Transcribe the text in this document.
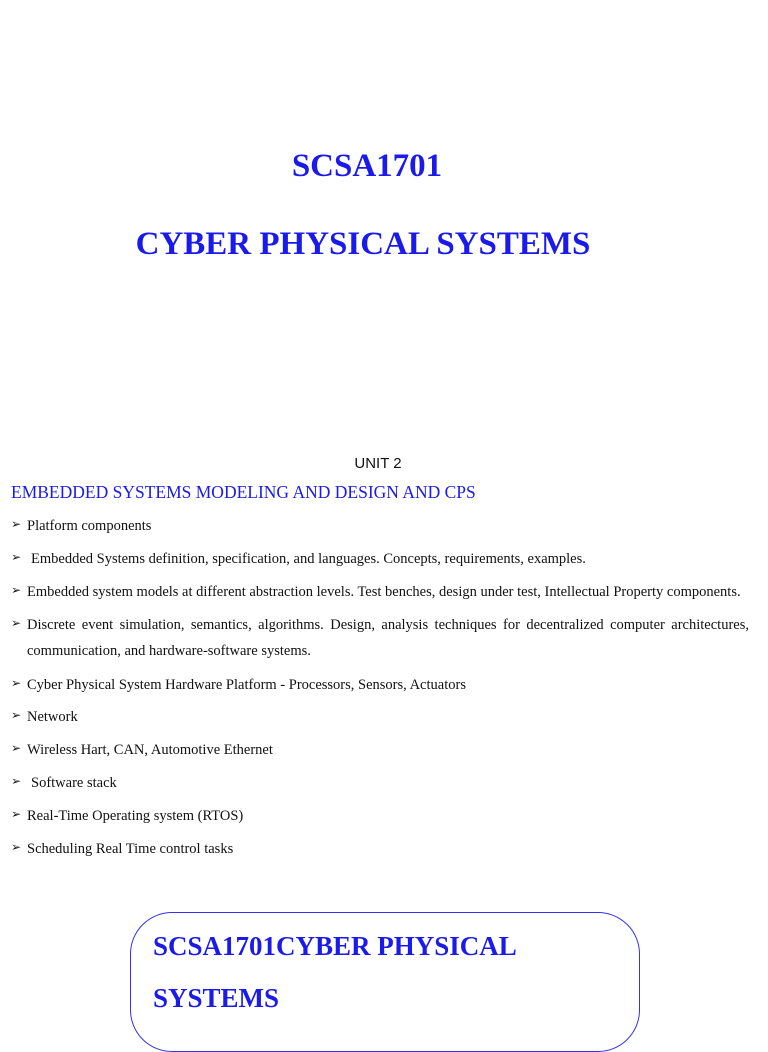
SCSA1701
CYBER PHYSICAL SYSTEMS
UNIT 2
EMBEDDED SYSTEMS MODELING AND DESIGN AND CPS
➢ Platform components
➢ Embedded Systems definition, specification, and languages. Concepts, requirements, examples.
➢ Embedded system models at different abstraction levels. Test benches, design under test, Intellectual Property components.
➢ Discrete event simulation, semantics, algorithms. Design, analysis techniques for decentralized computer architectures, communication, and hardware-software systems.
➢ Cyber Physical System Hardware Platform - Processors, Sensors, Actuators
➢ Network
➢ Wireless Hart, CAN, Automotive Ethernet
➢ Software stack
➢ Real-Time Operating system (RTOS)
➢ Scheduling Real Time control tasks
SCSA1701CYBER PHYSICAL SYSTEMS
